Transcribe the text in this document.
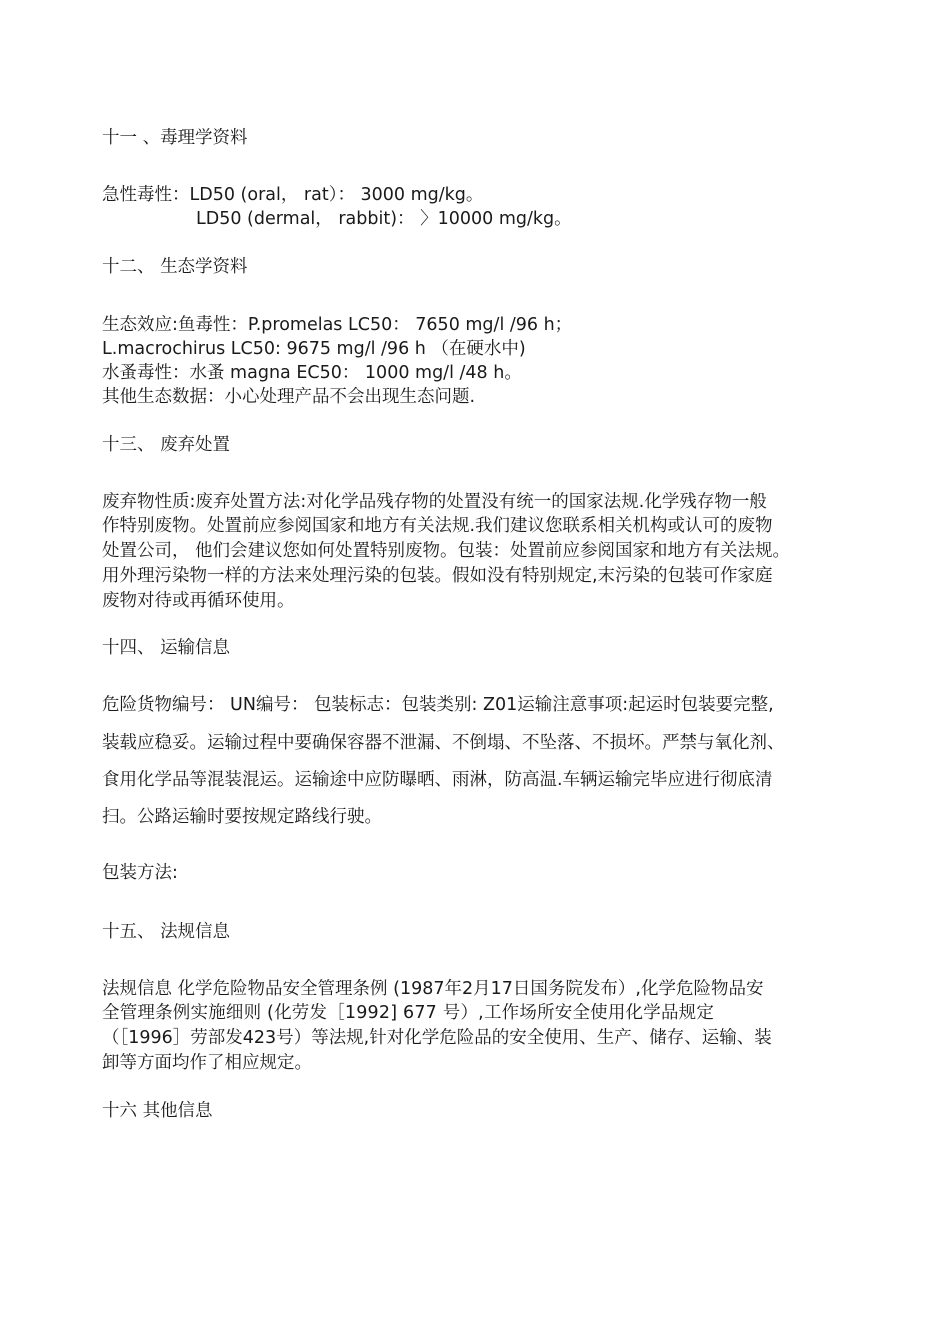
十一 、毒理学资料
急性毒性：LD50 (oral， rat）： 3000 mg/kg。
LD50 (dermal， rabbit)： 〉10000 mg/kg。
十二、 生态学资料
生态效应:鱼毒性：P.promelas LC50： 7650 mg/l /96 h；
L.macrochirus LC50: 9675 mg/l /96 h （在硬水中)
水蚤毒性：水蚤 magna EC50： 1000 mg/l /48 h。
其他生态数据：小心处理产品不会出现生态问题.
十三、 废弃处置
废弃物性质:废弃处置方法:对化学品残存物的处置没有统一的国家法规.化学残存物一般
作特别废物。处置前应参阅国家和地方有关法规.我们建议您联系相关机构或认可的废物
处置公司， 他们会建议您如何处置特别废物。包装：处置前应参阅国家和地方有关法规。
用外理污染物一样的方法来处理污染的包装。假如没有特别规定,末污染的包装可作家庭
废物对待或再循环使用。
十四、 运输信息
危险货物编号： UN编号： 包装标志：包装类别: Z01运输注意事项:起运时包装要完整,
装载应稳妥。运输过程中要确保容器不泄漏、不倒塌、不坠落、不损坏。严禁与氧化剂、
食用化学品等混装混运。运输途中应防曝晒、雨淋，防高温.车辆运输完毕应进行彻底清
扫。公路运输时要按规定路线行驶。
包装方法:
十五、 法规信息
法规信息 化学危险物品安全管理条例 (1987年2月17日国务院发布）,化学危险物品安
全管理条例实施细则 (化劳发［1992] 677 号）,工作场所安全使用化学品规定
（［1996］劳部发423号）等法规,针对化学危险品的安全使用、生产、储存、运输、装
卸等方面均作了相应规定。
十六 其他信息
